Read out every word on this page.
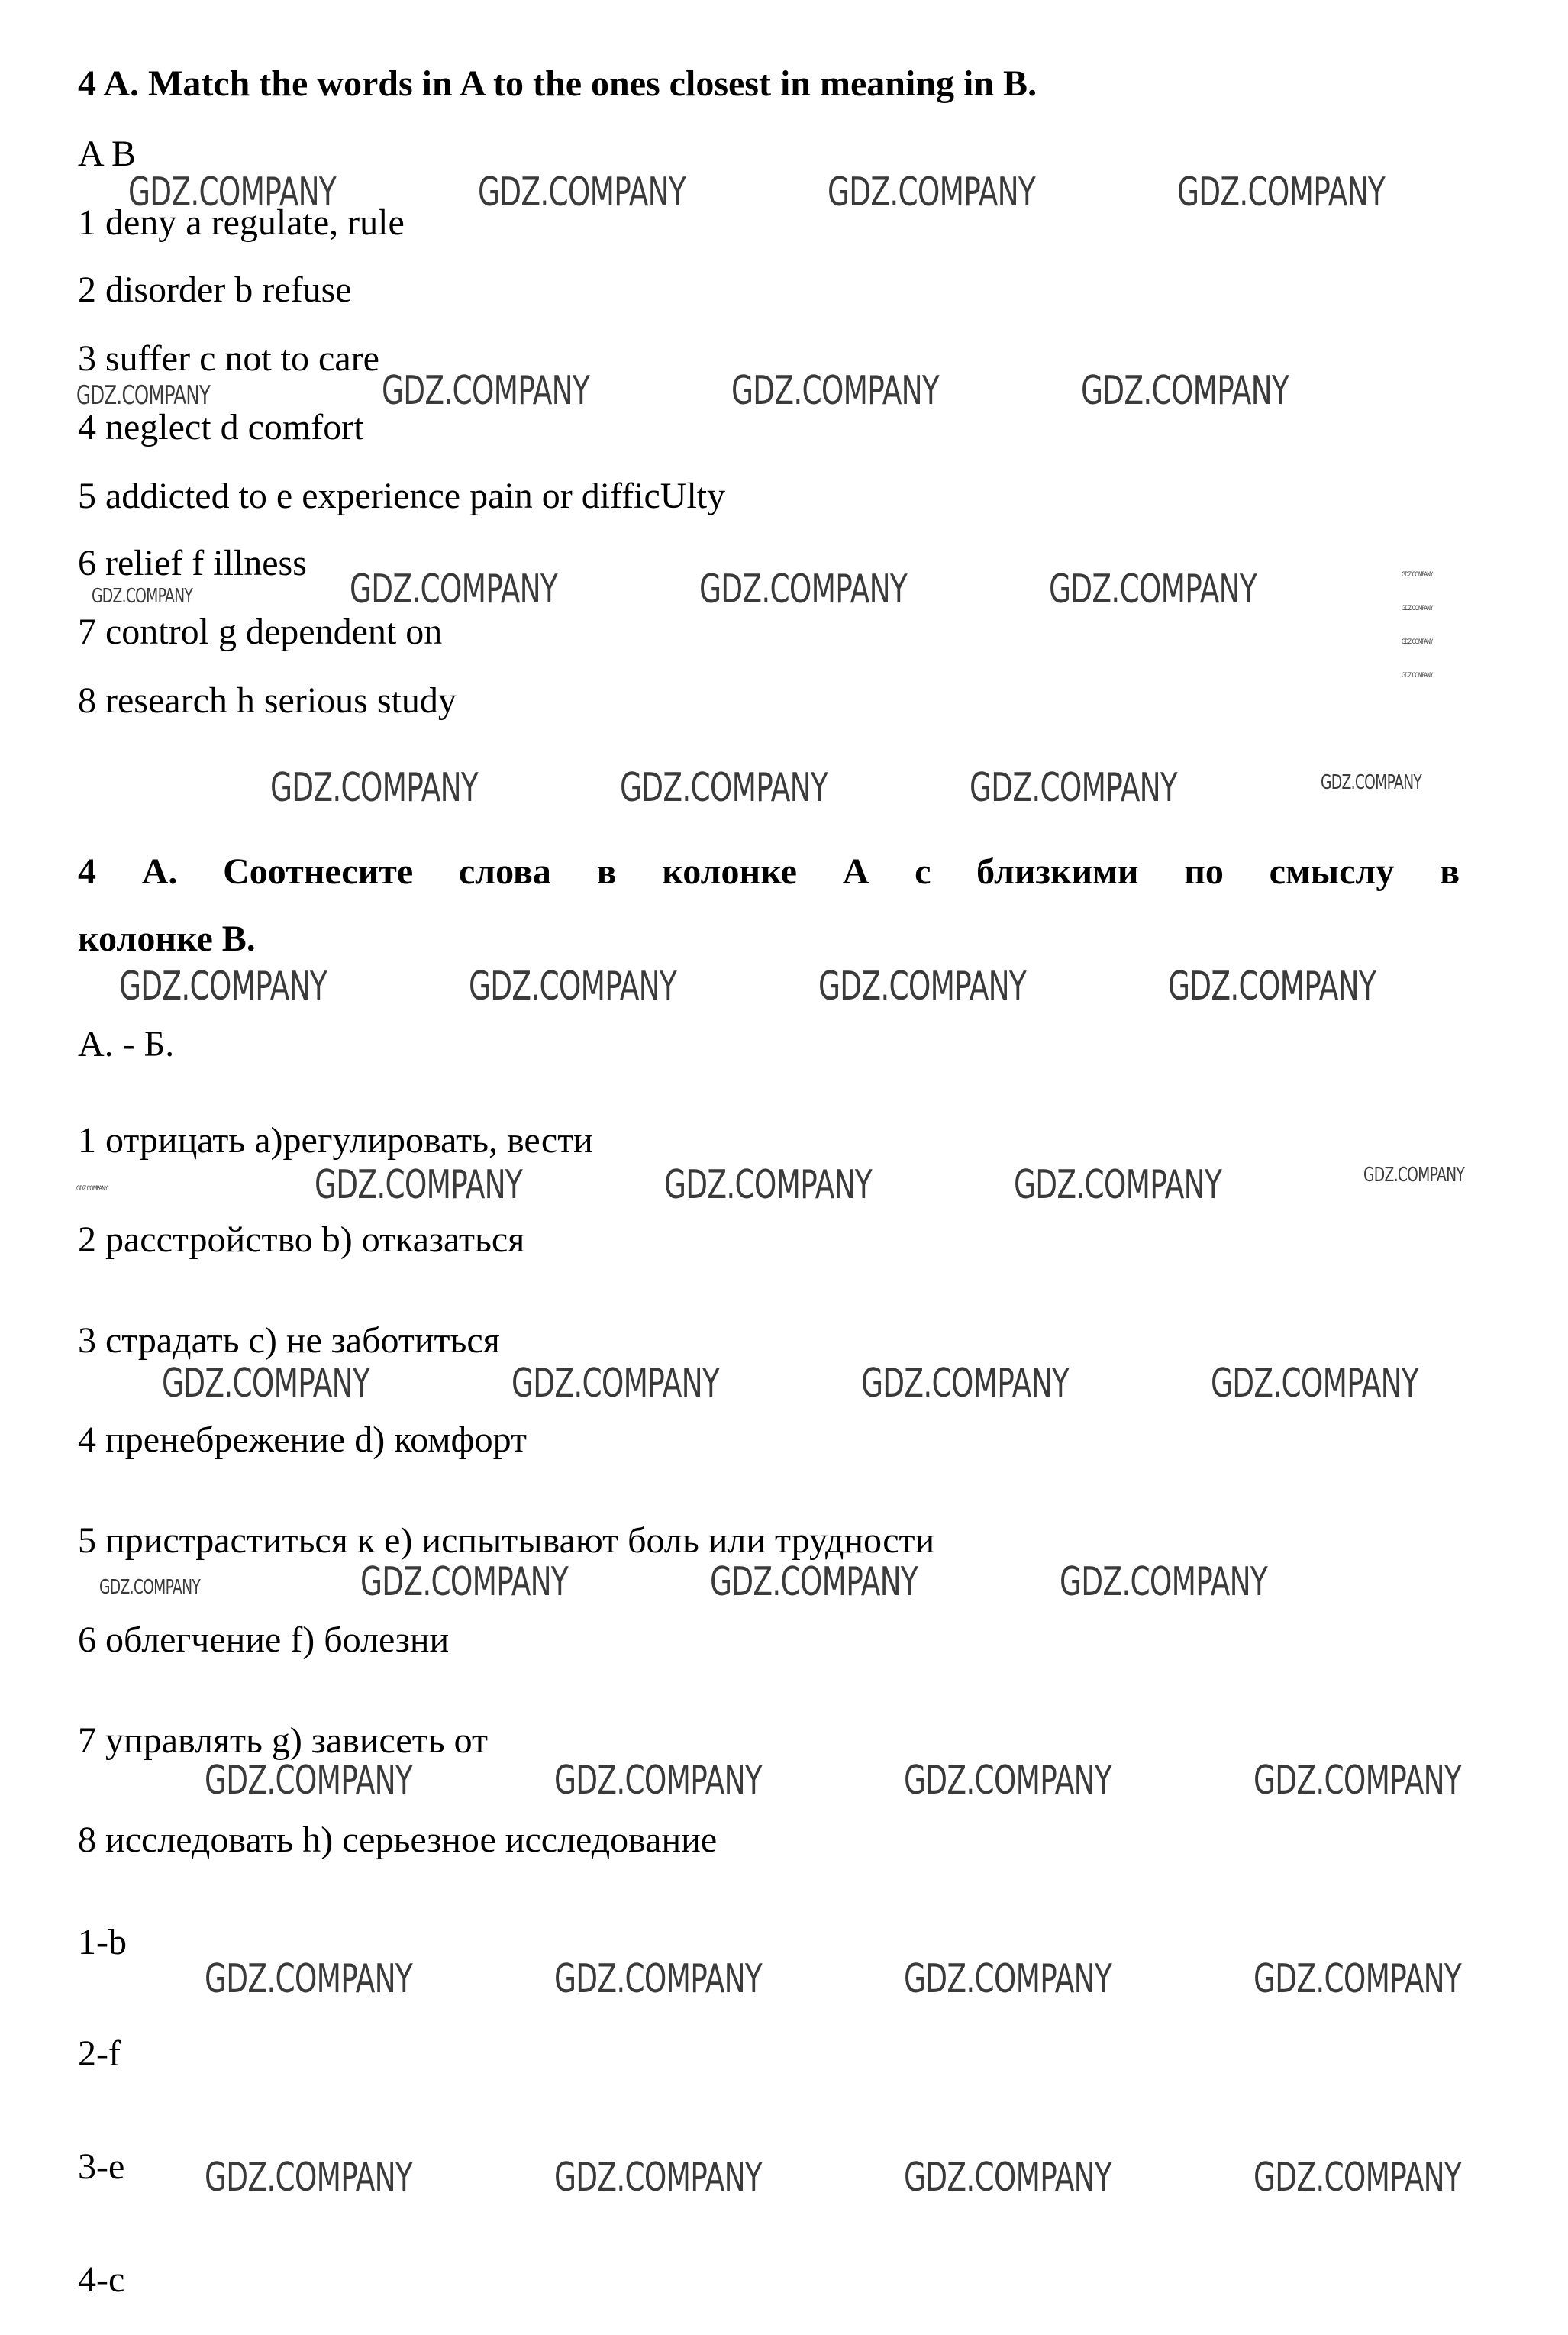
4 A. Match the words in A to the ones closest in meaning in B.
A B
1 deny a regulate, rule
2 disorder b refuse
3 suffer c not to care
4 neglect d comfort
5 addicted to e experience pain or difficUlty
6 relief f illness
7 control g dependent on
8 research h serious study
4 А. Соотнесите слова в колонке А с близкими по смыслу в
колонке В.
А. - Б.
1 отрицать a)регулировать, вести
2 расстройство b) отказаться
3 страдать c) не заботиться
4 пренебрежение d) комфорт
5 пристраститься к e) испытывают боль или трудности
6 облегчение f) болезни
7 управлять g) зависеть от
8 исследовать h) серьезное исследование
1-b
2-f
3-e
4-c
GDZ.COMPANY	GDZ.COMPANY	GDZ.COMPANY	GDZ.COMPANY
GDZ.COMPANY	GDZ.COMPANY	GDZ.COMPANY	GDZ.COMPANY
GDZ.COMPANY	GDZ.COMPANY	GDZ.COMPANY	GDZ.COMPANY	GDZ.COMPANY
GDZ.COMPANY
GDZ.COMPANY
GDZ.COMPANY
GDZ.COMPANY	GDZ.COMPANY	GDZ.COMPANY	GDZ.COMPANY
GDZ.COMPANY	GDZ.COMPANY	GDZ.COMPANY	GDZ.COMPANY
GDZ.COMPANY	GDZ.COMPANY	GDZ.COMPANY	GDZ.COMPANY	GDZ.COMPANY
GDZ.COMPANY	GDZ.COMPANY	GDZ.COMPANY	GDZ.COMPANY
GDZ.COMPANY	GDZ.COMPANY	GDZ.COMPANY	GDZ.COMPANY
GDZ.COMPANY	GDZ.COMPANY	GDZ.COMPANY	GDZ.COMPANY
GDZ.COMPANY	GDZ.COMPANY	GDZ.COMPANY	GDZ.COMPANY
GDZ.COMPANY	GDZ.COMPANY	GDZ.COMPANY	GDZ.COMPANY
